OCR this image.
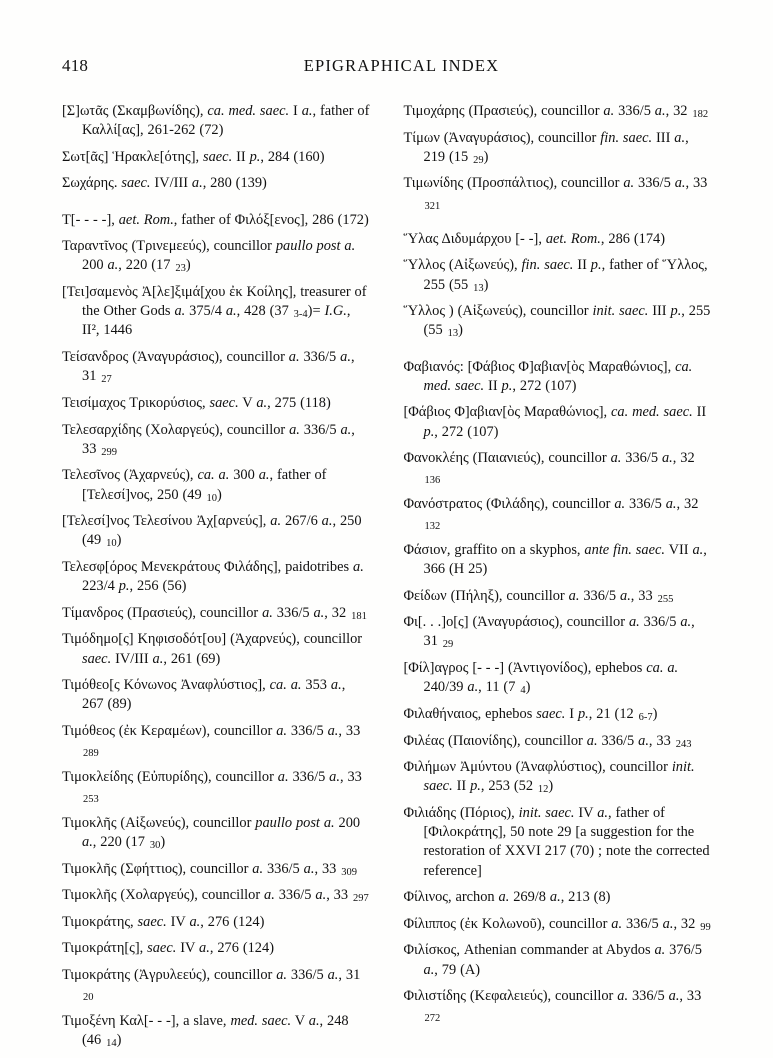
418	EPIGRAPHICAL INDEX
[Σ]ωτᾶς (Σκαμβωνίδης), ca. med. saec. I a., father of Καλλί[ας], 261-262 (72)
Σωτ[ᾶς] Ἡρακλε[ότης], saec. II p., 284 (160)
Σωχάρης. saec. IV/III a., 280 (139)
Τ[- - - -], aet. Rom., father of Φιλόξ[ενος], 286 (172)
Ταραντῖνος (Τρινεμεεύς), councillor paullo post a. 200 a., 220 (17 23)
[Τει]σαμενὸς Ἀ[λε]ξιμά[χου ἐκ Κοίλης], treasurer of the Other Gods a. 375/4 a., 428 (37 3-4)= I.G., II², 1446
Τείσανδρος (Ἀναγυράσιος), councillor a. 336/5 a., 31 27
Τεισίμαχος Τρικορύσιος, saec. V a., 275 (118)
Τελεσαρχίδης (Χολαργεύς), councillor a. 336/5 a., 33 299
Τελεσῖνος (Ἀχαρνεύς), ca. a. 300 a., father of [Τελεσί]νος, 250 (49 10)
[Τελεσί]νος Τελεσίνου Ἀχ[αρνεύς], a. 267/6 a., 250 (49 10)
Τελεσφ[όρος Μενεκράτους Φιλάδης], paidotribes a. 223/4 p., 256 (56)
Τίμανδρος (Πρασιεύς), councillor a. 336/5 a., 32 181
Τιμόδημο[ς] Κηφισοδότ[ου] (Ἀχαρνεύς), councillor saec. IV/III a., 261 (69)
Τιμόθεο[ς Κόνωνος Ἀναφλύστιος], ca. a. 353 a., 267 (89)
Τιμόθεος (ἐκ Κεραμέων), councillor a. 336/5 a., 33 289
Τιμοκλείδης (Εὐπυρίδης), councillor a. 336/5 a., 33 253
Τιμοκλῆς (Αἰξωνεύς), councillor paullo post a. 200 a., 220 (17 30)
Τιμοκλῆς (Σφήττιος), councillor a. 336/5 a., 33 309
Τιμοκλῆς (Χολαργεύς), councillor a. 336/5 a., 33 297
Τιμοκράτης, saec. IV a., 276 (124)
Τιμοκράτη[ς], saec. IV a., 276 (124)
Τιμοκράτης (Ἀγρυλεεύς), councillor a. 336/5 a., 31 20
Τιμοξένη Καλ[- - -], a slave, med. saec. V a., 248 (46 14)
Τιμοχάρης (Πρασιεύς), councillor a. 336/5 a., 32 182
Τίμων (Ἀναγυράσιος), councillor fin. saec. III a., 219 (15 29)
Τιμωνίδης (Προσπάλτιος), councillor a. 336/5 a., 33 321
Ὕλας Διδυμάρχου [- -], aet. Rom., 286 (174)
Ὕλλος (Αἰξωνεύς), fin. saec. II p., father of Ὕλλος, 255 (55 13)
Ὕλλος ) (Αἰξωνεύς), councillor init. saec. III p., 255 (55 13)
Φαβιανός: [Φάβιος Φ]αβιαν[ὸς Μαραθώνιος], ca. med. saec. II p., 272 (107)
[Φάβιος Φ]αβιαν[ὸς Μαραθώνιος], ca. med. saec. II p., 272 (107)
Φανοκλέης (Παιανιεύς), councillor a. 336/5 a., 32 136
Φανόστρατος (Φιλάδης), councillor a. 336/5 a., 32 132
Φάσιον, graffito on a skyphos, ante fin. saec. VII a., 366 (H 25)
Φείδων (Πήληξ), councillor a. 336/5 a., 33 255
Φι[. . .]ο[ς] (Ἀναγυράσιος), councillor a. 336/5 a., 31 29
[Φίλ]αγρος [- - -] (Ἀντιγονίδος), ephebos ca. a. 240/39 a., 11 (7 4)
Φιλαθήναιος, ephebos saec. I p., 21 (12 6-7)
Φιλέας (Παιονίδης), councillor a. 336/5 a., 33 243
Φιλήμων Ἀμύντου (Ἀναφλύστιος), councillor init. saec. II p., 253 (52 12)
Φιλιάδης (Πόριος), init. saec. IV a., father of [Φιλοκράτης], 50 note 29 [a suggestion for the restoration of XXVI 217 (70) ; note the corrected reference]
Φίλινος, archon a. 269/8 a., 213 (8)
Φίλιππος (ἐκ Κολωνοῦ), councillor a. 336/5 a., 32 99
Φιλίσκος, Athenian commander at Abydos a. 376/5 a., 79 (A)
Φιλιστίδης (Κεφαλειεύς), councillor a. 336/5 a., 33 272
